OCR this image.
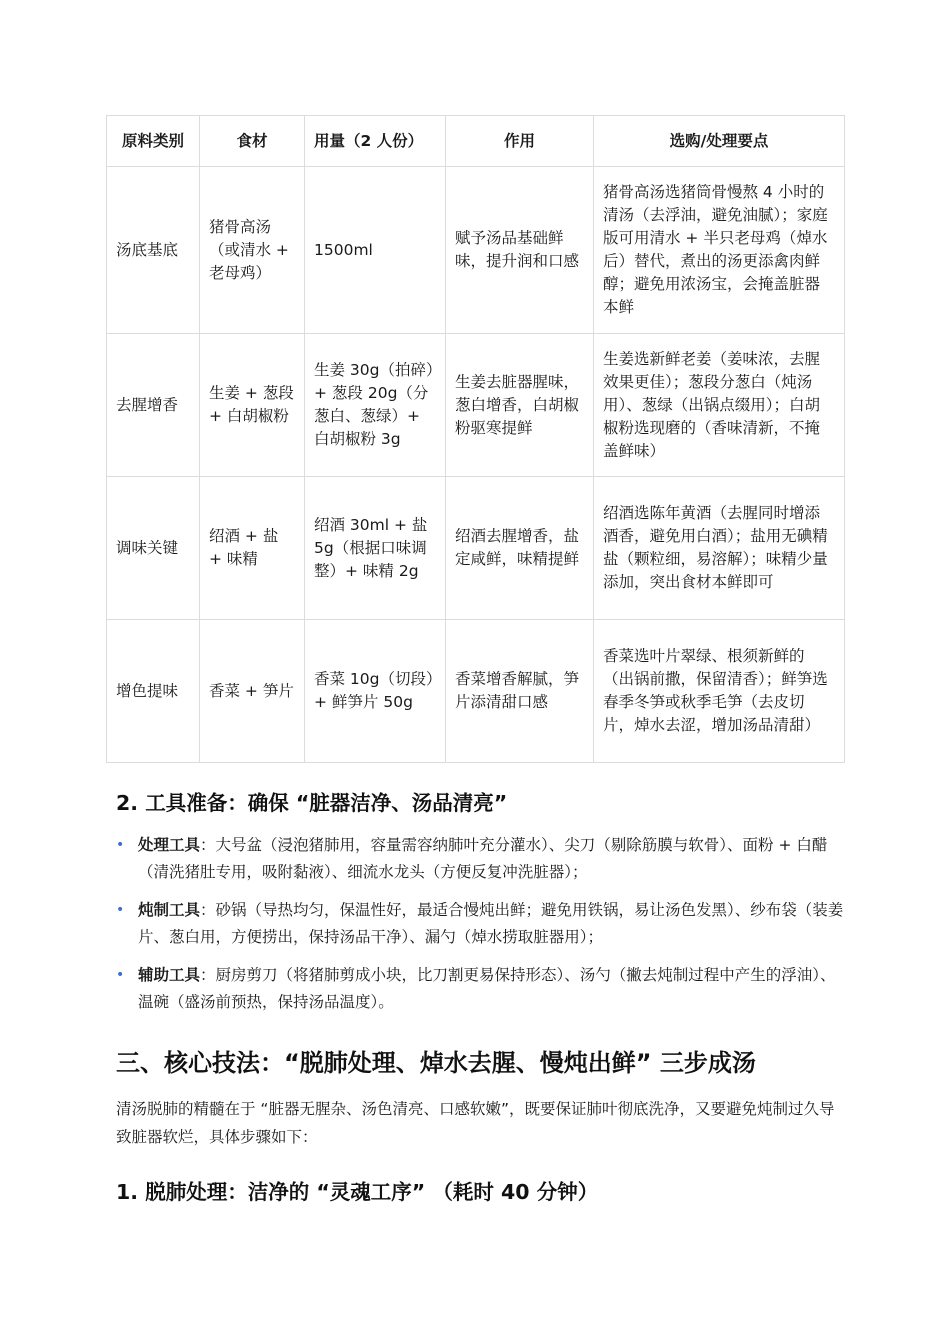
原料类别	食材	用量（2 人份）	作用	选购/处理要点
汤底基底	猪骨高汤（或清水 + 老母鸡）	1500ml	赋予汤品基础鲜味，提升润和口感	猪骨高汤选猪筒骨慢熬 4 小时的清汤（去浮油，避免油腻）；家庭版可用清水 + 半只老母鸡（焯水后）替代，煮出的汤更添禽肉鲜醇；避免用浓汤宝，会掩盖脏器本鲜
去腥增香	生姜 + 葱段 + 白胡椒粉	生姜 30g（拍碎）+ 葱段 20g（分葱白、葱绿）+ 白胡椒粉 3g	生姜去脏器腥味，葱白增香，白胡椒粉驱寒提鲜	生姜选新鲜老姜（姜味浓，去腥效果更佳）；葱段分葱白（炖汤用）、葱绿（出锅点缀用）；白胡椒粉选现磨的（香味清新，不掩盖鲜味）
调味关键	绍酒 + 盐 + 味精	绍酒 30ml + 盐 5g（根据口味调整）+ 味精 2g	绍酒去腥增香，盐定咸鲜，味精提鲜	绍酒选陈年黄酒（去腥同时增添酒香，避免用白酒）；盐用无碘精盐（颗粒细，易溶解）；味精少量添加，突出食材本鲜即可
增色提味	香菜 + 笋片	香菜 10g（切段）+ 鲜笋片 50g	香菜增香解腻，笋片添清甜口感	香菜选叶片翠绿、根须新鲜的（出锅前撒，保留清香）；鲜笋选春季冬笋或秋季毛笋（去皮切片，焯水去涩，增加汤品清甜）
2. 工具准备：确保 “脏器洁净、汤品清亮”
• 处理工具：大号盆（浸泡猪肺用，容量需容纳肺叶充分灌水）、尖刀（剔除筋膜与软骨）、面粉 + 白醋（清洗猪肚专用，吸附黏液）、细流水龙头（方便反复冲洗脏器）；
• 炖制工具：砂锅（导热均匀，保温性好，最适合慢炖出鲜；避免用铁锅，易让汤色发黑）、纱布袋（装姜片、葱白用，方便捞出，保持汤品干净）、漏勺（焯水捞取脏器用）；
• 辅助工具：厨房剪刀（将猪肺剪成小块，比刀割更易保持形态）、汤勺（撇去炖制过程中产生的浮油）、温碗（盛汤前预热，保持汤品温度）。
三、核心技法：“脱肺处理、焯水去腥、慢炖出鲜” 三步成汤

清汤脱肺的精髓在于 “脏器无腥杂、汤色清亮、口感软嫩”，既要保证肺叶彻底洗净，又要避免炖制过久导致脏器软烂，具体步骤如下：

1. 脱肺处理：洁净的 “灵魂工序” （耗时 40 分钟）
